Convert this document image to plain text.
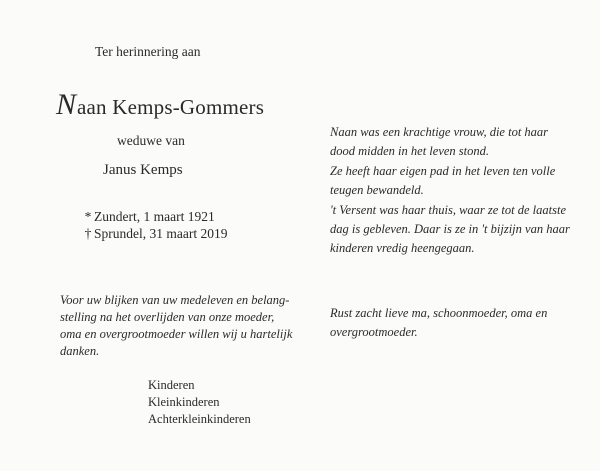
Ter herinnering aan
Naan Kemps-Gommers
weduwe van
Janus Kemps
* Zundert, 1 maart 1921
† Sprundel, 31 maart 2019
Voor uw blijken van uw medeleven en belang-
stelling na het overlijden van onze moeder,
oma en overgrootmoeder willen wij u hartelijk
danken.
Kinderen
Kleinkinderen
Achterkleinkinderen
Naan was een krachtige vrouw, die tot haar
dood midden in het leven stond.
Ze heeft haar eigen pad in het leven ten volle
teugen bewandeld.
't Versent was haar thuis, waar ze tot de laatste
dag is gebleven. Daar is ze in 't bijzijn van haar
kinderen vredig heengegaan.
Rust zacht lieve ma, schoonmoeder, oma en
overgrootmoeder.
